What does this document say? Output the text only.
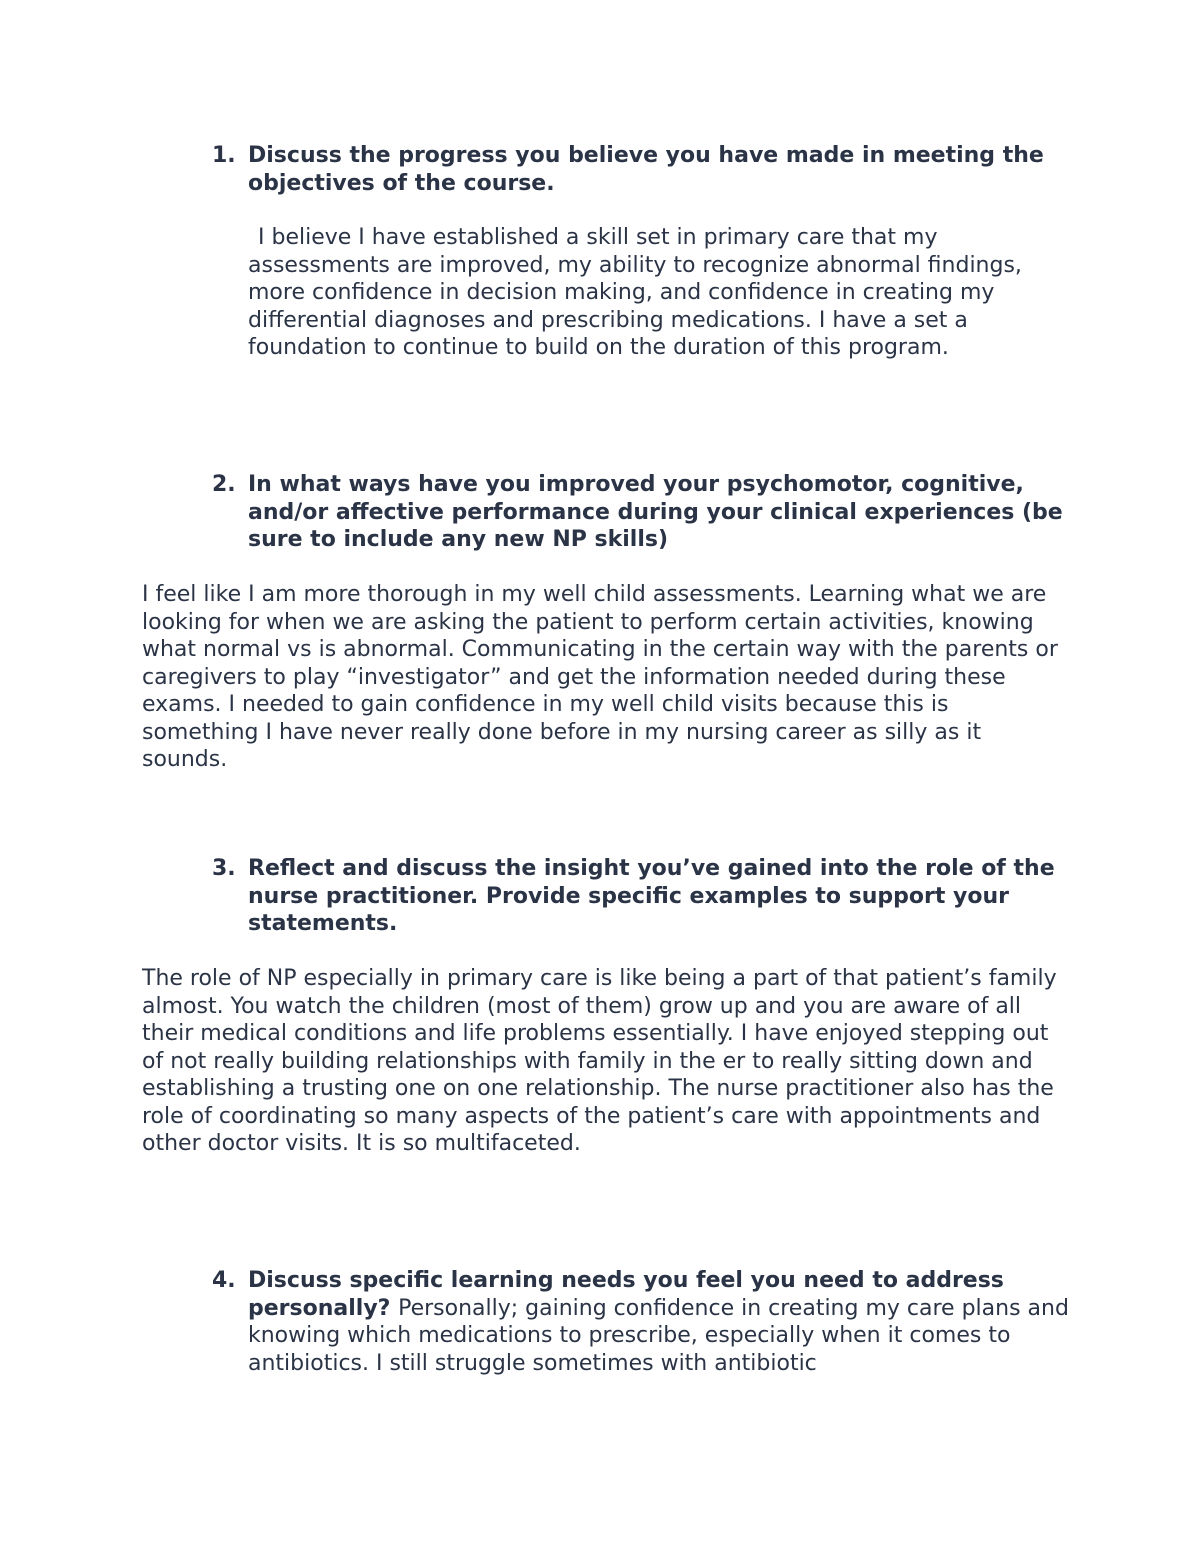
1. Discuss the progress you believe you have made in meeting the objectives of the course.
I believe I have established a skill set in primary care that my assessments are improved, my ability to recognize abnormal findings, more confidence in decision making, and confidence in creating my differential diagnoses and prescribing medications. I have a set a foundation to continue to build on the duration of this program.
2. In what ways have you improved your psychomotor, cognitive, and/or affective performance during your clinical experiences (be sure to include any new NP skills)
I feel like I am more thorough in my well child assessments. Learning what we are looking for when we are asking the patient to perform certain activities, knowing what normal vs is abnormal. Communicating in the certain way with the parents or caregivers to play “investigator” and get the information needed during these exams. I needed to gain confidence in my well child visits because this is something I have never really done before in my nursing career as silly as it sounds.
3. Reflect and discuss the insight you’ve gained into the role of the nurse practitioner. Provide specific examples to support your statements.
The role of NP especially in primary care is like being a part of that patient’s family almost. You watch the children (most of them) grow up and you are aware of all their medical conditions and life problems essentially. I have enjoyed stepping out of not really building relationships with family in the er to really sitting down and establishing a trusting one on one relationship. The nurse practitioner also has the role of coordinating so many aspects of the patient’s care with appointments and other doctor visits. It is so multifaceted.
4. Discuss specific learning needs you feel you need to address personally? Personally; gaining confidence in creating my care plans and knowing which medications to prescribe, especially when it comes to antibiotics. I still struggle sometimes with antibiotic
